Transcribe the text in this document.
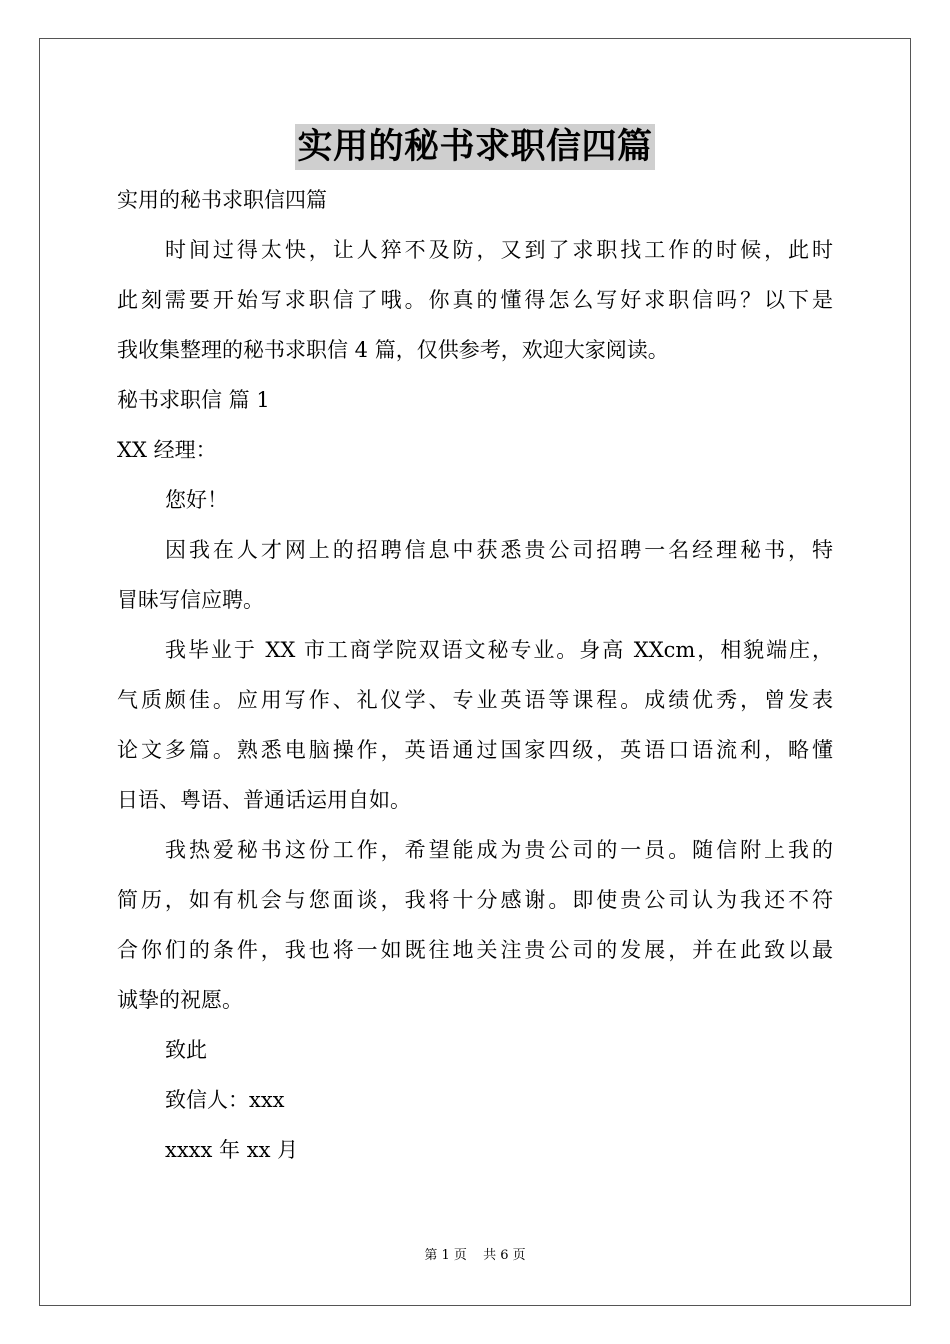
实用的秘书求职信四篇
实用的秘书求职信四篇
时间过得太快，让人猝不及防，又到了求职找工作的时候，此时
此刻需要开始写求职信了哦。你真的懂得怎么写好求职信吗？以下是
我收集整理的秘书求职信 4 篇，仅供参考，欢迎大家阅读。
秘书求职信 篇 1
XX 经理：
您好！
因我在人才网上的招聘信息中获悉贵公司招聘一名经理秘书，特
冒昧写信应聘。
我毕业于 XX 市工商学院双语文秘专业。身高 XXcm，相貌端庄，
气质颇佳。应用写作、礼仪学、专业英语等课程。成绩优秀，曾发表
论文多篇。熟悉电脑操作，英语通过国家四级，英语口语流利，略懂
日语、粤语、普通话运用自如。
我热爱秘书这份工作，希望能成为贵公司的一员。随信附上我的
简历，如有机会与您面谈，我将十分感谢。即使贵公司认为我还不符
合你们的条件，我也将一如既往地关注贵公司的发展，并在此致以最
诚挚的祝愿。
致此
致信人：xxx
xxxx 年 xx 月
第 1 页 共 6 页
